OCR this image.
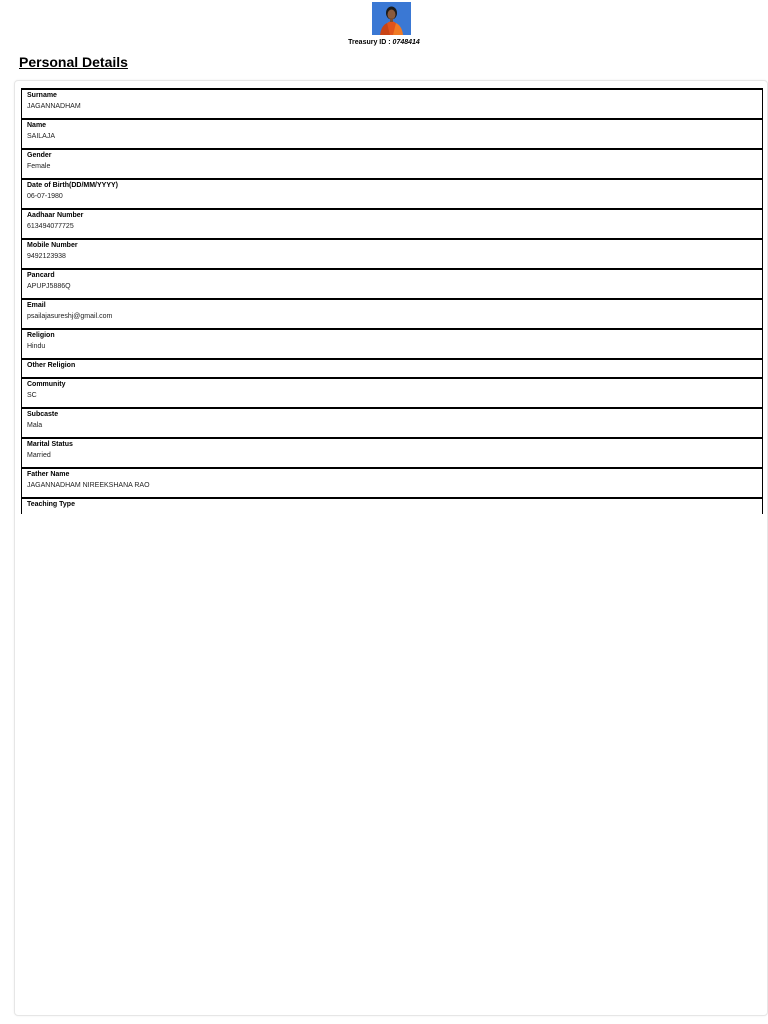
Treasury ID : 0748414
Personal Details
Surname
JAGANNADHAM
Name
SAILAJA
Gender
Female
Date of Birth(DD/MM/YYYY)
06-07-1980
Aadhaar Number
613494077725
Mobile Number
9492123938
Pancard
APUPJ5886Q
Email
psailajasureshj@gmail.com
Religion
Hindu
Other Religion
Community
SC
Subcaste
Mala
Marital Status
Married
Father Name
JAGANNADHAM NIREEKSHANA RAO
Teaching Type
